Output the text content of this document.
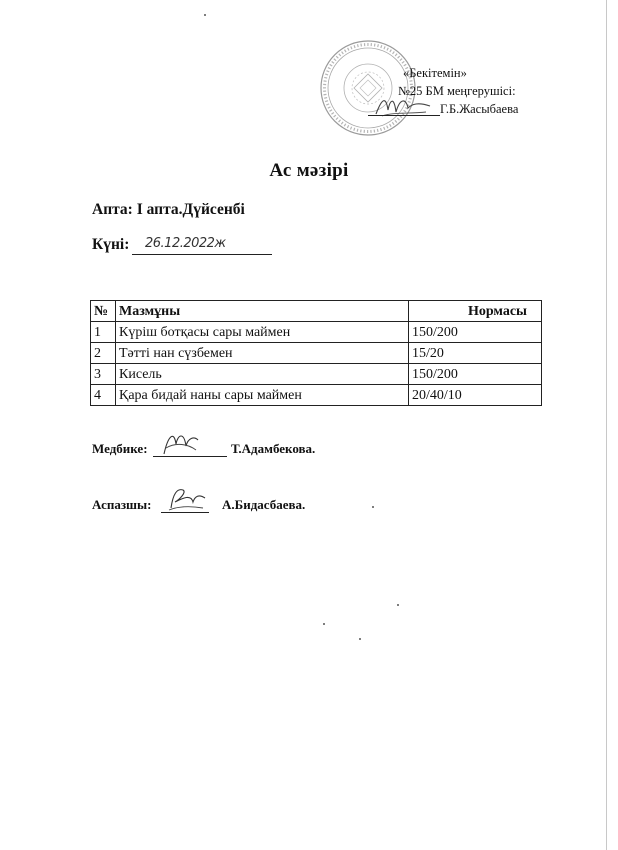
«Бекітемін»
№25 БМ меңгерушісі:
Г.Б.Жасыбаева
Ас мәзірі
Апта: І апта.Дүйсенбі
Күні: 26.12.2022ж
№	Мазмұны	Нормасы
1	Күріш ботқасы сары маймен	150/200
2	Тәтті нан сүзбемен	15/20
3	Кисель	150/200
4	Қара бидай наны сары маймен	20/40/10
Медбике:	Т.Адамбекова.
Аспазшы:	А.Бидасбаева.
